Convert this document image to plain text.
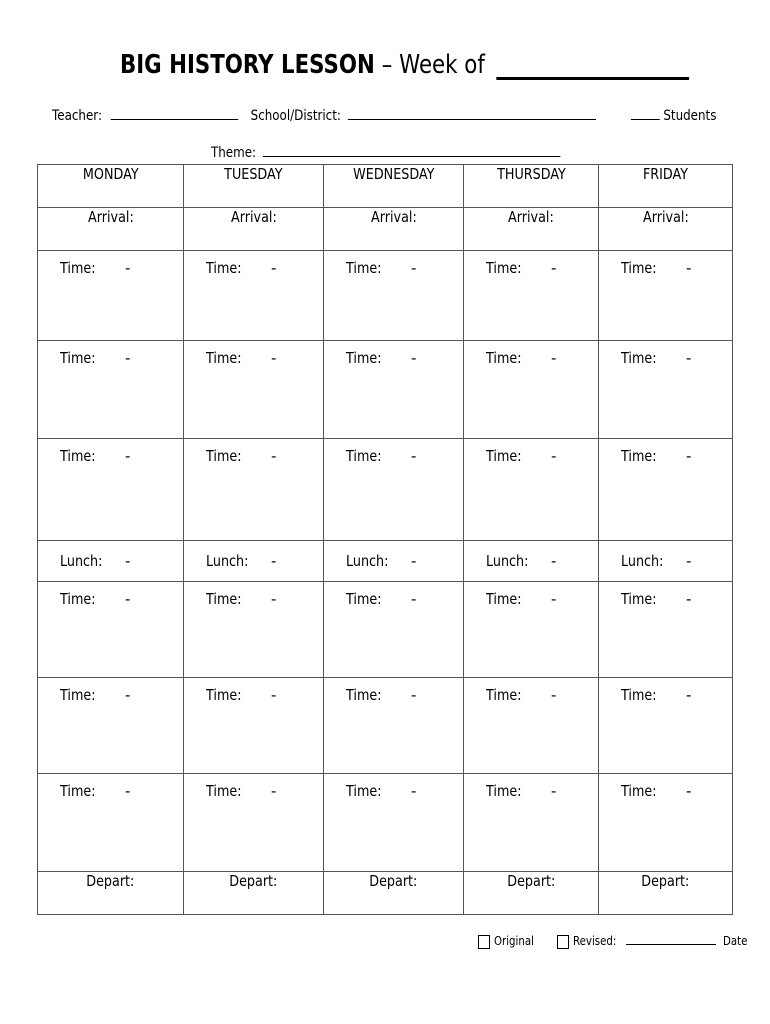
BIG HISTORY LESSON – Week of
Teacher:	School/District:	Students
Theme:
MONDAY	TUESDAY	WEDNESDAY	THURSDAY	FRIDAY
Arrival:	Arrival:	Arrival:	Arrival:	Arrival:

Time: -	Time: -	Time: -	Time: -	Time: -

Time: -	Time: -	Time: -	Time: -	Time: -

Time: -	Time: -	Time: -	Time: -	Time: -

Lunch: -	Lunch: -	Lunch: -	Lunch: -	Lunch: -

Time: -	Time: -	Time: -	Time: -	Time: -

Time: -	Time: -	Time: -	Time: -	Time: -

Time: -	Time: -	Time: -	Time: -	Time: -

Depart:	Depart:	Depart:	Depart:	Depart:
Original	Revised:	Date
